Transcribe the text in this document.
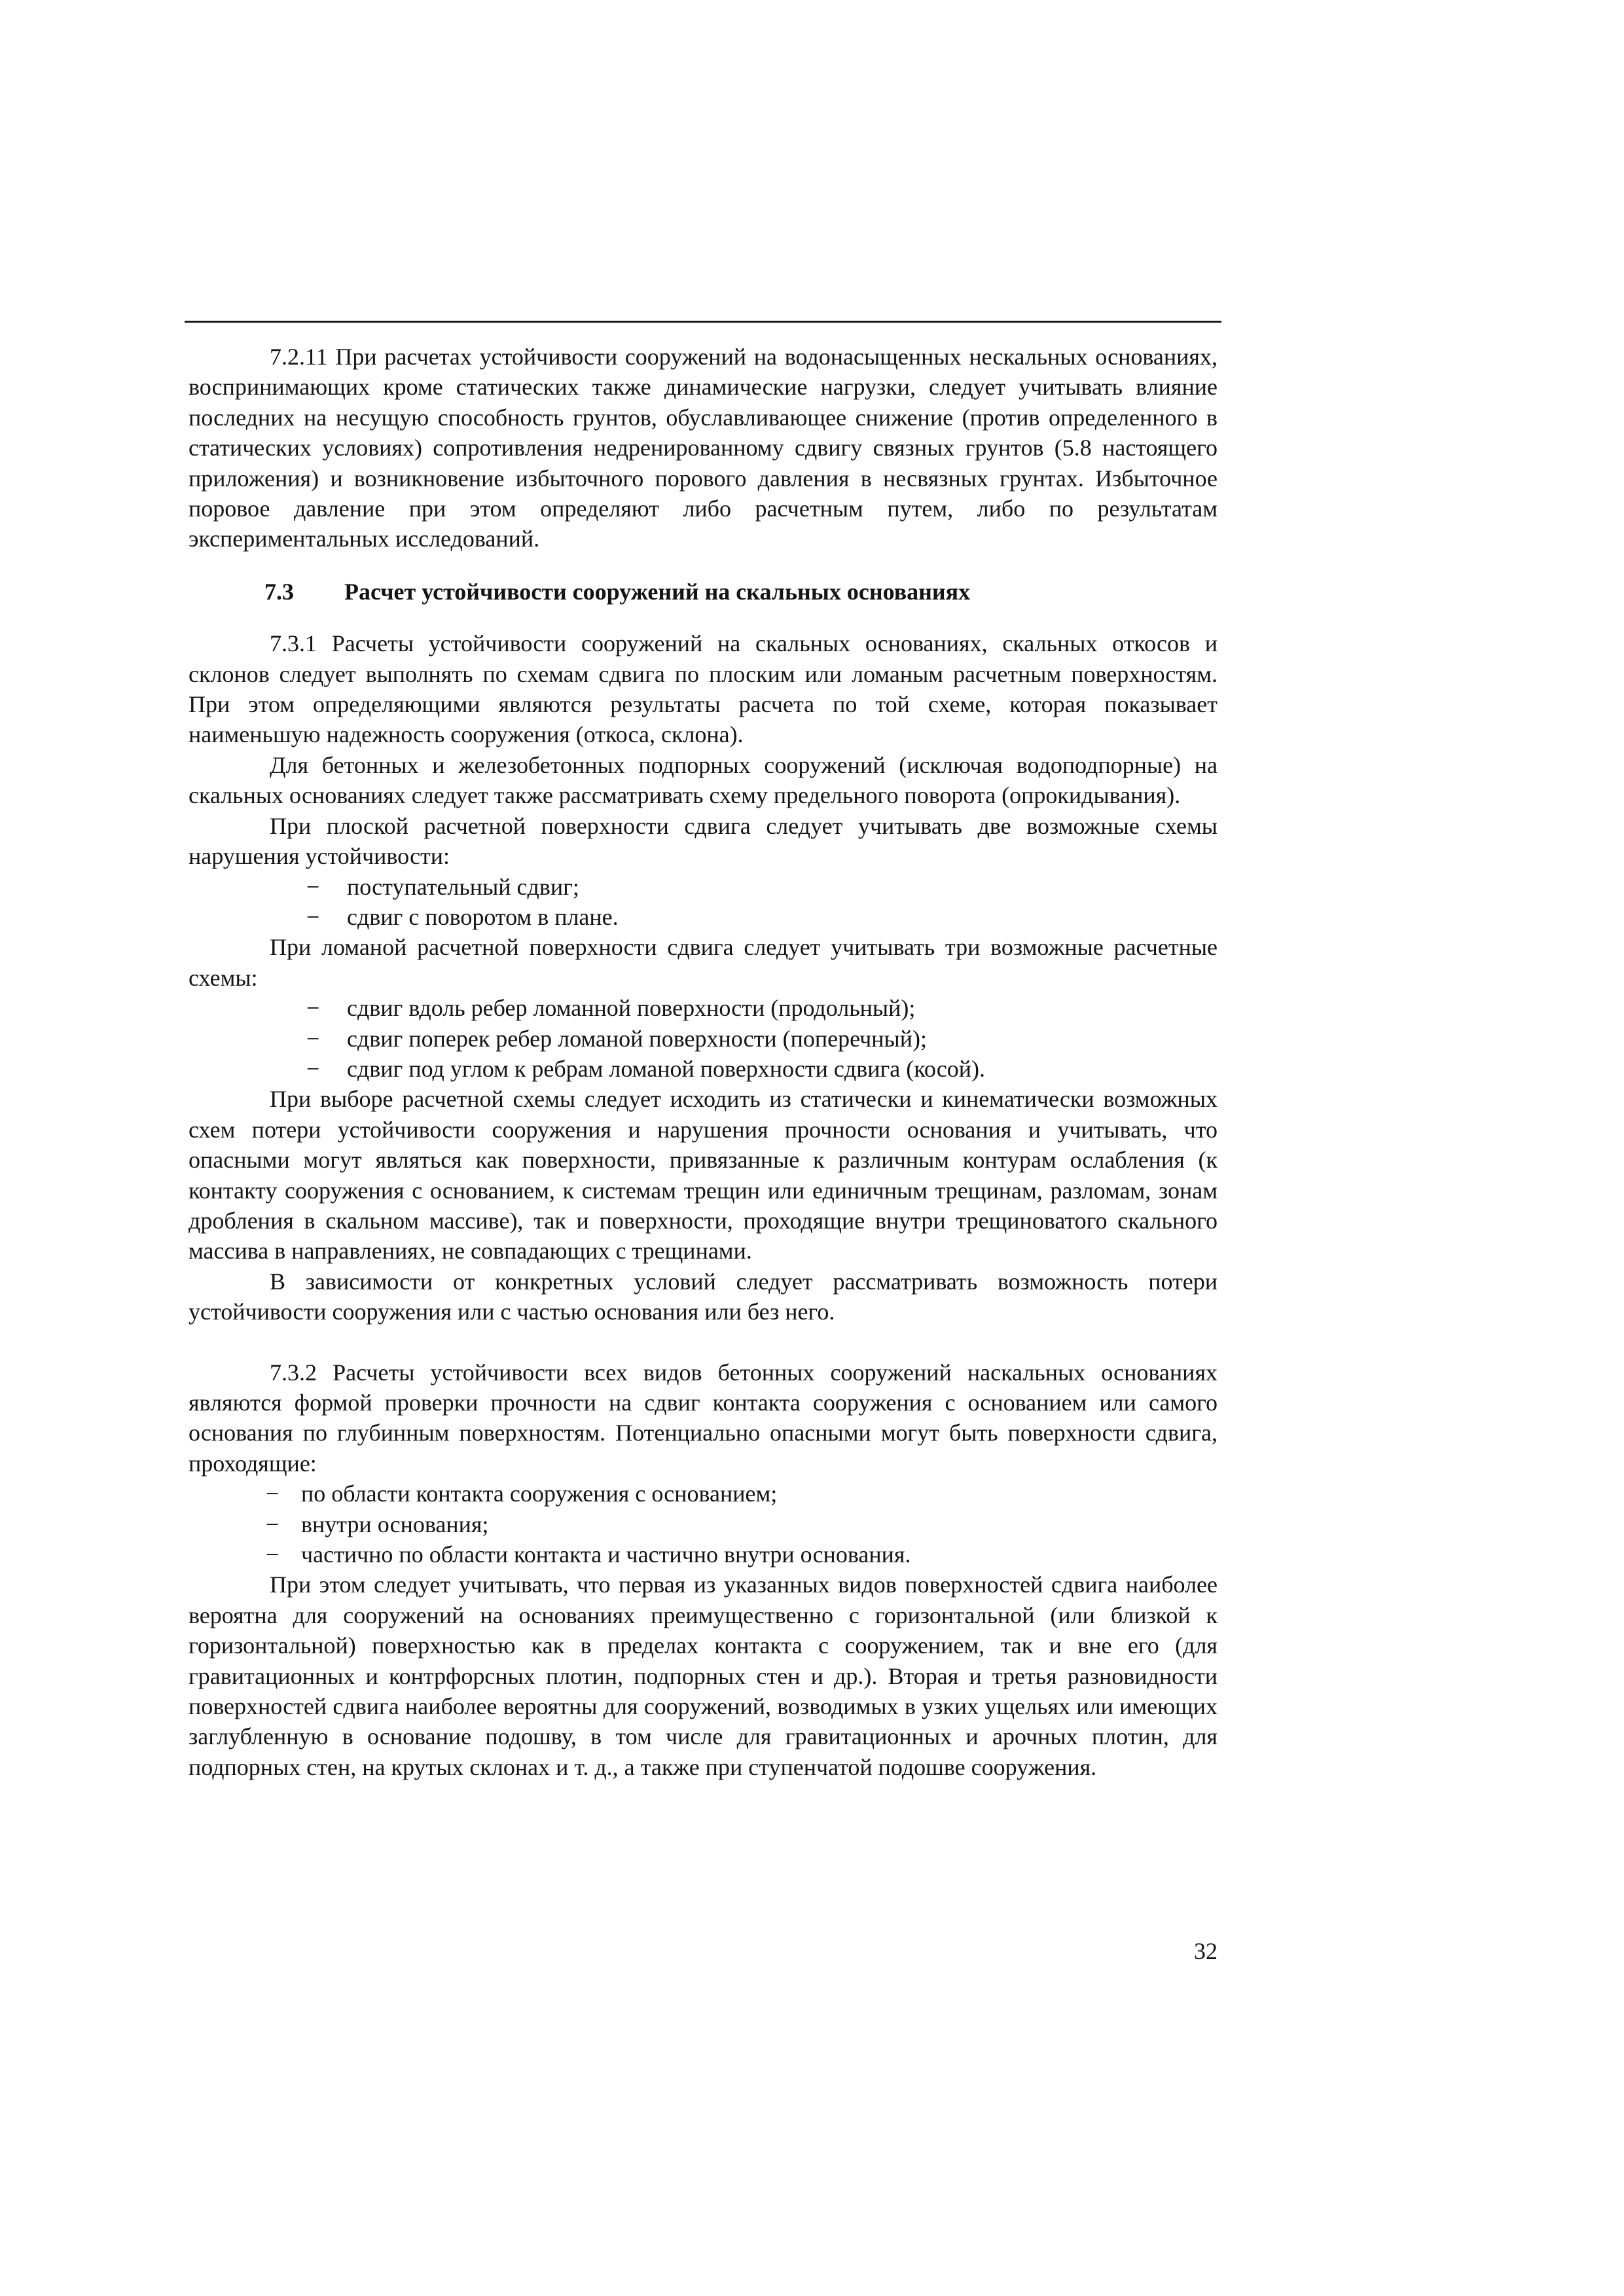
7.2.11 При расчетах устойчивости сооружений на водонасыщенных нескальных основаниях, воспринимающих кроме статических также динамические нагрузки, следует учитывать влияние последних на несущую способность грунтов, обуславливающее снижение (против определенного в статических условиях) сопротивления недренированному сдвигу связных грунтов (5.8 настоящего приложения) и возникновение избыточного порового давления в несвязных грунтах. Избыточное поровое давление при этом определяют либо расчетным путем, либо по результатам экспериментальных исследований.

7.3 Расчет устойчивости сооружений на скальных основаниях

7.3.1 Расчеты устойчивости сооружений на скальных основаниях, скальных откосов и склонов следует выполнять по схемам сдвига по плоским или ломаным расчетным поверхностям. При этом определяющими являются результаты расчета по той схеме, которая показывает наименьшую надежность сооружения (откоса, склона).

Для бетонных и железобетонных подпорных сооружений (исключая водоподпорные) на скальных основаниях следует также рассматривать схему предельного поворота (опрокидывания).

При плоской расчетной поверхности сдвига следует учитывать две возможные схемы нарушения устойчивости:

− поступательный сдвиг;

− сдвиг с поворотом в плане.

При ломаной расчетной поверхности сдвига следует учитывать три возможные расчетные схемы:

− сдвиг вдоль ребер ломанной поверхности (продольный);

− сдвиг поперек ребер ломаной поверхности (поперечный);

− сдвиг под углом к ребрам ломаной поверхности сдвига (косой).

При выборе расчетной схемы следует исходить из статически и кинематически возможных схем потери устойчивости сооружения и нарушения прочности основания и учитывать, что опасными могут являться как поверхности, привязанные к различным контурам ослабления (к контакту сооружения с основанием, к системам трещин или единичным трещинам, разломам, зонам дробления в скальном массиве), так и поверхности, проходящие внутри трещиноватого скального массива в направлениях, не совпадающих с трещинами.

В зависимости от конкретных условий следует рассматривать возможность потери устойчивости сооружения или с частью основания или без него.

7.3.2 Расчеты устойчивости всех видов бетонных сооружений наскальных основаниях являются формой проверки прочности на сдвиг контакта сооружения с основанием или самого основания по глубинным поверхностям. Потенциально опасными могут быть поверхности сдвига, проходящие:

− по области контакта сооружения с основанием;

− внутри основания;

− частично по области контакта и частично внутри основания.

При этом следует учитывать, что первая из указанных видов поверхностей сдвига наиболее вероятна для сооружений на основаниях преимущественно с горизонтальной (или близкой к горизонтальной) поверхностью как в пределах контакта с сооружением, так и вне его (для гравитационных и контрфорсных плотин, подпорных стен и др.). Вторая и третья разновидности поверхностей сдвига наиболее вероятны для сооружений, возводимых в узких ущельях или имеющих заглубленную в основание подошву, в том числе для гравитационных и арочных плотин, для подпорных стен, на крутых склонах и т. д., а также при ступенчатой подошве сооружения.

32
